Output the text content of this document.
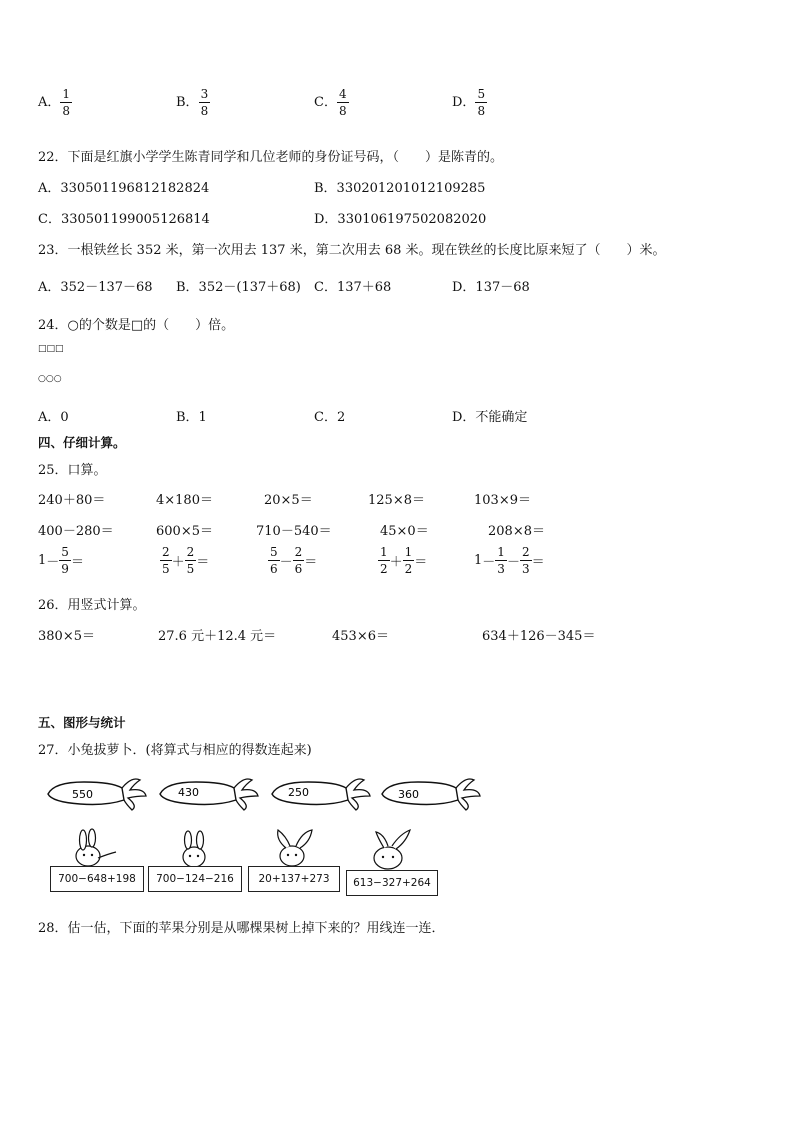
A． $\frac{1}{8}$	B． $\frac{3}{8}$	C． $\frac{4}{8}$	D． $\frac{5}{8}$
22．下面是红旗小学学生陈青同学和几位老师的身份证号码，（　　）是陈青的。
A．330501196812182824	B．330201201012109285
C．330501199005126814	D．330106197502082020
23．一根铁丝长 352 米，第一次用去 137 米，第二次用去 68 米。现在铁丝的长度比原来短了（　　）米。
A．352－137－68 B．352－(137＋68) C．137＋68	D．137－68
24．○的个数是□的（　　）倍。
□□□
○○○
A．0	B．1	C．2	D．不能确定
四、仔细计算。
25．口算。
240＋80＝	4×180＝	20×5＝	125×8＝	103×9＝
400－280＝	600×5＝	710－540＝	45×0＝	208×8＝
$1- \frac{5}{9}$ ＝	$\frac{2}{5} + \frac{2}{5}$ ＝	$\frac{5}{6} - \frac{2}{6}$ ＝	$\frac{1}{2} + \frac{1}{2}$ ＝	$1- \frac{1}{3} - \frac{2}{3}$ ＝
26．用竖式计算。
380×5＝	27.6 元＋12.4 元＝	453×6＝	634＋126－345＝
五、图形与统计
27．小兔拔萝卜．(将算式与相应的得数连起来)
550	430	250	360
700−648+198	700−124−216	20+137+273	613−327+264
28．估一估，下面的苹果分别是从哪棵果树上掉下来的？用线连一连．
